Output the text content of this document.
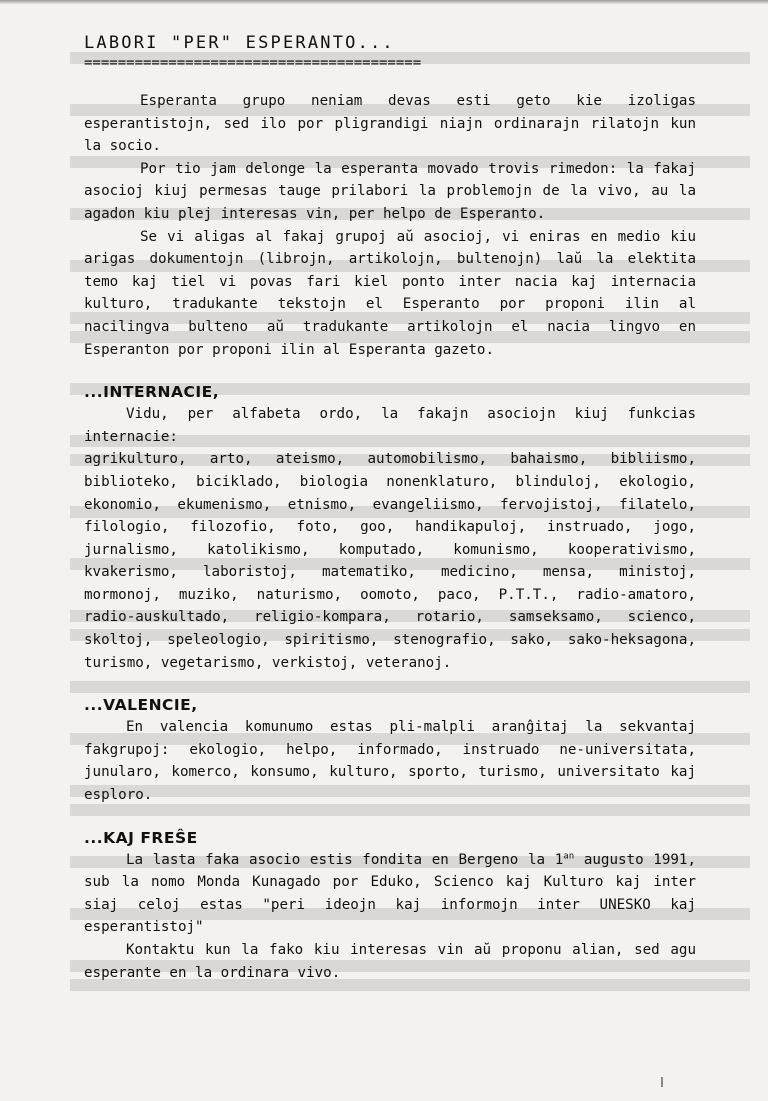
LABORI "PER" ESPERANTO...
========================================

Esperanta grupo neniam devas esti geto kie izoligas esperantistojn, sed ilo por pligrandigi niajn ordinarajn rilatojn kun la socio.

Por tio jam delonge la esperanta movado trovis rimedon: la fakaj asocioj kiuj permesas tauge prilabori la problemojn de la vivo, au la agadon kiu plej interesas vin, per helpo de Esperanto.

Se vi aligas al fakaj grupoj aŭ asocioj, vi eniras en medio kiu arigas dokumentojn (librojn, artikolojn, bultenojn) laŭ la elektita temo kaj tiel vi povas fari kiel ponto inter nacia kaj internacia kulturo, tradukante tekstojn el Esperanto por proponi ilin al nacilingva bulteno aŭ tradukante artikolojn el nacia lingvo en Esperanton por proponi ilin al Esperanta gazeto.

...INTERNACIE,

Vidu, per alfabeta ordo, la fakajn asociojn kiuj funkcias internacie:

agrikulturo, arto, ateismo, automobilismo, bahaismo, bibliismo, biblioteko, biciklado, biologia nonenklaturo, blinduloj, ekologio, ekonomio, ekumenismo, etnismo, evangeliismo, fervojistoj, filatelo, filologio, filozofio, foto, goo, handikapuloj, instruado, jogo, jurnalismo, katolikismo, komputado, komunismo, kooperativismo, kvakerismo, laboristoj, matematiko, medicino, mensa, ministoj, mormonoj, muziko, naturismo, oomoto, paco, P.T.T., radio-amatoro, radio-auskultado, religio-kompara, rotario, samseksamo, scienco, skoltoj, speleologio, spiritismo, stenografio, sako, sako-heksagona, turismo, vegetarismo, verkistoj, veteranoj.

...VALENCIE,

En valencia komunumo estas pli-malpli aranĝitaj la sekvantaj fakgrupoj: ekologio, helpo, informado, instruado ne-universitata, junularo, komerco, konsumo, kulturo, sporto, turismo, universitato kaj esploro.

...KAJ FREŜE

La lasta faka asocio estis fondita en Bergeno la $1^{an}$ augusto 1991, sub la nomo Monda Kunagado por Eduko, Scienco kaj Kulturo kaj inter siaj celoj estas "peri ideojn kaj informojn inter UNESKO kaj esperantistoj"

Kontaktu kun la fako kiu interesas vin aŭ proponu alian, sed agu esperante en la ordinara vivo.
